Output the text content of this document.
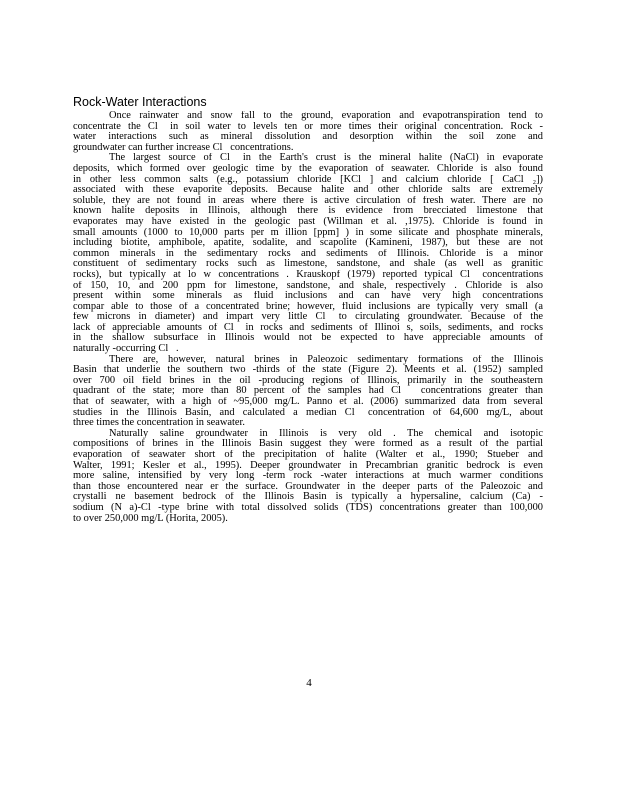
Rock-Water Interactions
Once rainwater and snow fall to the ground, evaporation and evapotranspiration tend to
concentrate the Cl¯ in soil water to levels ten or more times their original concentration. Rock -
water interactions such as mineral dissolution and desorption within the soil zone and
groundwater can further increase Cl ¯concentrations.
The largest source of Cl ¯in the Earth's crust is the mineral halite (NaCl) in evaporate
deposits, which formed over geologic time by the evaporation of seawater. Chloride is also found
in other less common salts (e.g., potassium chloride [KCl ] and calcium chloride [ CaCl ₂])
associated with these evaporite deposits. Because halite and other chloride salts are extremely
soluble, they are not found in areas where there is active circulation of fresh water. There are no
known halite deposits in Illinois, although there is evidence from brecciated limestone that
evaporates may have existed in the geologic past (Willman et al. ,1975). Chloride is found in
small amounts (1000 to 10,000 parts per m illion [ppm] ) in some silicate and phosphate minerals,
including biotite, amphibole, apatite, sodalite, and scapolite (Kamineni, 1987), but these are not
common minerals in the sedimentary rocks and sediments of Illinois. Chloride is a minor
constituent of sedimentary rocks such as limestone, sandstone, and shale (as well as granitic
rocks), but typically at lo w concentrations . Krauskopf (1979) reported typical Cl ¯concentrations
of 150, 10, and 200 ppm for limestone, sandstone, and shale, respectively . Chloride is also
present within some minerals as fluid inclusions and can have very high concentrations
compar able to those of a concentrated brine; however, fluid inclusions are typically very small (a
few microns in diameter) and impart very little Cl ¯to circulating groundwater. Because of the
lack of appreciable amounts of Cl ¯in rocks and sediments of Illinoi s, soils, sediments, and rocks
in the shallow subsurface in Illinois would not be expected to have appreciable amounts of
naturally -occurring Cl ¯.
There are, however, natural brines in Paleozoic sedimentary formations of the Illinois
Basin that underlie the southern two -thirds of the state (Figure 2). Meents et al. (1952) sampled
over 700 oil field brines in the oil -producing regions of Illinois, primarily in the southeastern
quadrant of the state; more than 80 percent of the samples had Cl ¯ concentrations greater than
that of seawater, with a high of ~95,000 mg/L. Panno et al. (2006) summarized data from several
studies in the Illinois Basin, and calculated a median Cl ¯concentration of 64,600 mg/L, about
three times the concentration in seawater.
Naturally saline groundwater in Illinois is very old . The chemical and isotopic
compositions of brines in the Illinois Basin suggest they were formed as a result of the partial
evaporation of seawater short of the precipitation of halite (Walter et al., 1990; Stueber and
Walter, 1991; Kesler et al., 1995). Deeper groundwater in Precambrian granitic bedrock is even
more saline, intensified by very long -term rock -water interactions at much warmer conditions
than those encountered near er the surface. Groundwater in the deeper parts of the Paleozoic and
crystalli ne basement bedrock of the Illinois Basin is typically a hypersaline, calcium (Ca) -
sodium (N a)-Cl -type brine with total dissolved solids (TDS) concentrations greater than 100,000
to over 250,000 mg/L (Horita, 2005).
4
